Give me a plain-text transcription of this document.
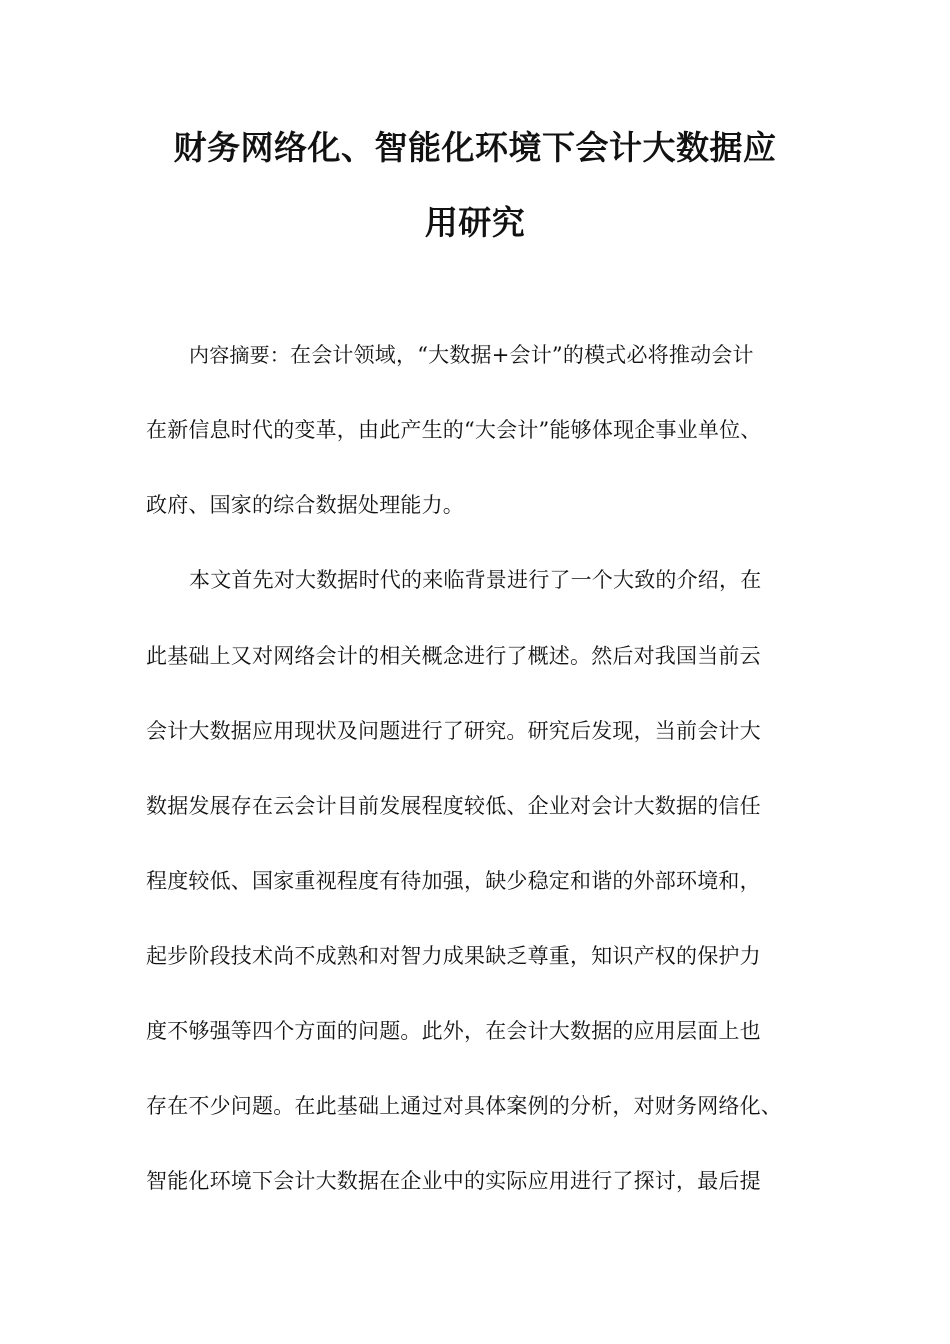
财务网络化、智能化环境下会计大数据应
用研究
内容摘要：在会计领域，“大数据+会计”的模式必将推动会计
在新信息时代的变革，由此产生的“大会计”能够体现企事业单位、
政府、国家的综合数据处理能力。
本文首先对大数据时代的来临背景进行了一个大致的介绍，在
此基础上又对网络会计的相关概念进行了概述。然后对我国当前云
会计大数据应用现状及问题进行了研究。研究后发现，当前会计大
数据发展存在云会计目前发展程度较低、企业对会计大数据的信任
程度较低、国家重视程度有待加强，缺少稳定和谐的外部环境和，
起步阶段技术尚不成熟和对智力成果缺乏尊重，知识产权的保护力
度不够强等四个方面的问题。此外，在会计大数据的应用层面上也
存在不少问题。在此基础上通过对具体案例的分析，对财务网络化、
智能化环境下会计大数据在企业中的实际应用进行了探讨，最后提
